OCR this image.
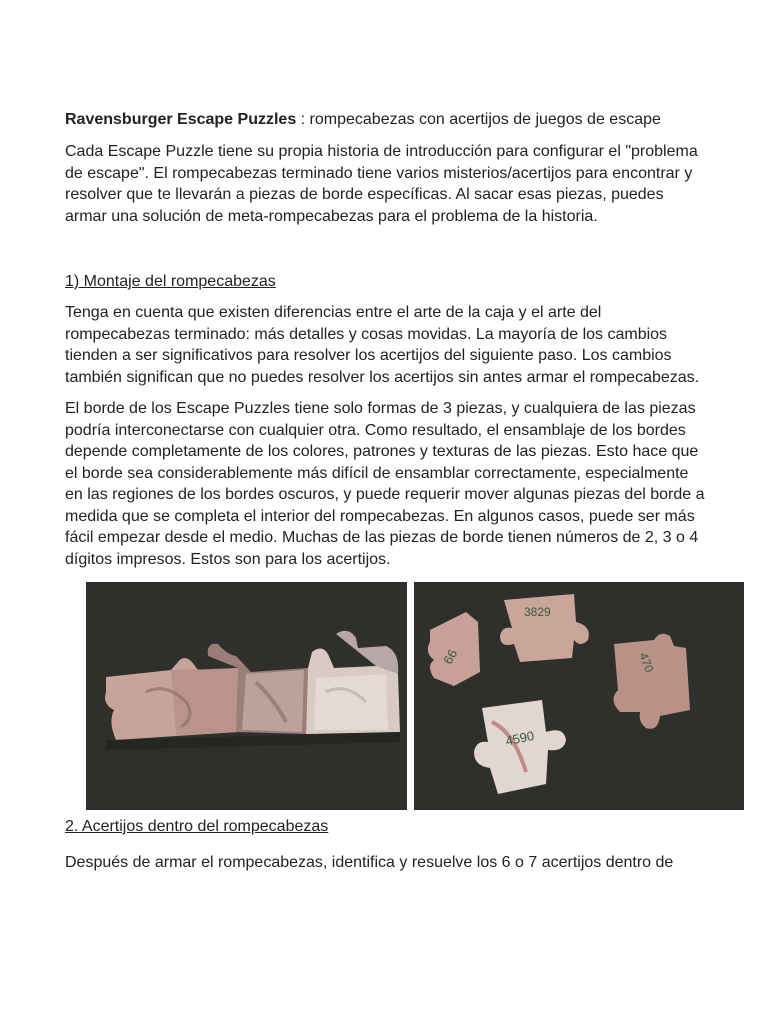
Ravensburger Escape Puzzles : rompecabezas con acertijos de juegos de escape

Cada Escape Puzzle tiene su propia historia de introducción para configurar el "problema de escape". El rompecabezas terminado tiene varios misterios/acertijos para encontrar y resolver que te llevarán a piezas de borde específicas. Al sacar esas piezas, puedes armar una solución de meta-rompecabezas para el problema de la historia.

1) Montaje del rompecabezas

Tenga en cuenta que existen diferencias entre el arte de la caja y el arte del rompecabezas terminado: más detalles y cosas movidas. La mayoría de los cambios tienden a ser significativos para resolver los acertijos del siguiente paso. Los cambios también significan que no puedes resolver los acertijos sin antes armar el rompecabezas.

El borde de los Escape Puzzles tiene solo formas de 3 piezas, y cualquiera de las piezas podría interconectarse con cualquier otra. Como resultado, el ensamblaje de los bordes depende completamente de los colores, patrones y texturas de las piezas. Esto hace que el borde sea considerablemente más difícil de ensamblar correctamente, especialmente en las regiones de los bordes oscuros, y puede requerir mover algunas piezas del borde a medida que se completa el interior del rompecabezas. En algunos casos, puede ser más fácil empezar desde el medio. Muchas de las piezas de borde tienen números de 2, 3 o 4 dígitos impresos. Estos son para los acertijos.

3829
66	470
4590
2. Acertijos dentro del rompecabezas

Después de armar el rompecabezas, identifica y resuelve los 6 o 7 acertijos dentro de
